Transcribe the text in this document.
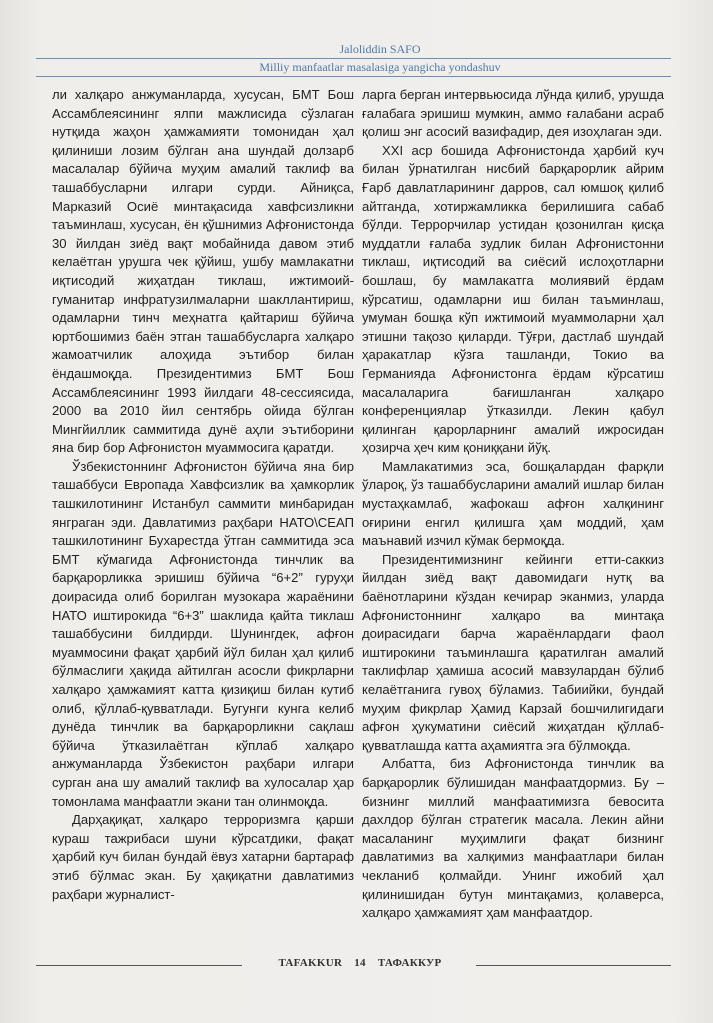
Jaloliddin SAFO
Milliy manfaatlar masalasiga yangicha yondashuv

ли халқаро анжуманларда, хусусан, БМТ Бош Ассамблеясининг ялпи мажлисида сўзлаган нутқида жаҳон ҳамжамияти томонидан ҳал қилиниши лозим бўлган ана шундай долзарб масалалар бўйича муҳим амалий таклиф ва ташаббусларни илгари сурди. Айниқса, Марказий Осиё минтақасида хавфсизликни таъминлаш, хусусан, ён қўшнимиз Афғонистонда 30 йилдан зиёд вақт мобайнида давом этиб келаётган урушга чек қўйиш, ушбу мамлакатни иқтисодий жиҳатдан тиклаш, ижтимоий-гуманитар инфратузилмаларни шакллантириш, одамларни тинч меҳнатга қайтариш бўйича юртбошимиз баён этган ташаббусларга халқаро жамоатчилик алоҳида эътибор билан ёндашмоқда. Президентимиз БМТ Бош Ассамблеясининг 1993 йилдаги 48-сессиясида, 2000 ва 2010 йил сентябрь ойида бўлган Мингйиллик саммитида дунё аҳли эътиборини яна бир бор Афғонистон муаммосига қаратди.

Ўзбекистоннинг Афғонистон бўйича яна бир ташаббуси Европада Хавфсизлик ва ҳамкорлик ташкилотининг Истанбул саммити минбаридан янграган эди. Давлатимиз раҳбари НАТО\СЕАП ташкилотининг Бухарестда ўтган саммитида эса БМТ кўмагида Афғонистонда тинчлик ва барқарорликка эришиш бўйича “6+2” гуруҳи доирасида олиб борилган музокара жараёнини НАТО иштирокида “6+3” шаклида қайта тиклаш ташаббусини билдирди. Шунингдек, афғон муаммосини фақат ҳарбий йўл билан ҳал қилиб бўлмаслиги ҳақида айтилган асосли фикрларни халқаро ҳамжамият катта қизиқиш билан кутиб олиб, қўллаб-қувватлади. Бугунги кунга келиб дунёда тинчлик ва барқарорликни сақлаш бўйича ўтказилаётган кўплаб халқаро анжуманларда Ўзбекистон раҳбари илгари сурган ана шу амалий таклиф ва хулосалар ҳар томонлама манфаатли экани тан олинмоқда.

Дарҳақиқат, халқаро терроризмга қарши кураш тажрибаси шуни кўрсатдики, фақат ҳарбий куч билан бундай ёвуз хатарни бартараф этиб бўлмас экан. Бу ҳақиқатни давлатимиз раҳбари журналист-

ларга берган интервьюсида лўнда қилиб, урушда ғалабага эришиш мумкин, аммо ғалабани асраб қолиш энг асосий вазифадир, дея изоҳлаган эди.

XXI аср бошида Афғонистонда ҳарбий куч билан ўрнатилган нисбий барқарорлик айрим Ғарб давлатларининг дарров, сал юмшоқ қилиб айтганда, хотиржамликка берилишига сабаб бўлди. Террорчилар устидан қозонилган қисқа муддатли ғалаба зудлик билан Афғонистонни тиклаш, иқтисодий ва сиёсий ислоҳотларни бошлаш, бу мамлакатга молиявий ёрдам кўрсатиш, одамларни иш билан таъминлаш, умуман бошқа кўп ижтимоий муаммоларни ҳал этишни тақозо қиларди. Тўғри, дастлаб шундай ҳаракатлар кўзга ташланди, Токио ва Германияда Афғонистонга ёрдам кўрсатиш масалаларига бағишланган халқаро конференциялар ўтказилди. Лекин қабул қилинган қарорларнинг амалий ижросидан ҳозирча ҳеч ким қониққани йўқ.

Мамлакатимиз эса, бошқалардан фарқли ўлароқ, ўз ташаббусларини амалий ишлар билан мустаҳкамлаб, жафокаш афғон халқининг оғирини енгил қилишга ҳам моддий, ҳам маънавий изчил кўмак бермоқда.

Президентимизнинг кейинги етти-саккиз йилдан зиёд вақт давомидаги нутқ ва баёнотларини кўздан кечирар эканмиз, уларда Афғонистоннинг халқаро ва минтақа доирасидаги барча жараёнлардаги фаол иштирокини таъминлашга қаратилган амалий таклифлар ҳамиша асосий мавзулардан бўлиб келаётганига гувоҳ бўламиз. Табиийки, бундай муҳим фикрлар Ҳамид Карзай бошчилигидаги афғон ҳукуматини сиёсий жиҳатдан қўллаб-қувватлашда катта аҳамиятга эга бўлмоқда.

Албатта, биз Афғонистонда тинчлик ва барқарорлик бўлишидан манфаатдормиз. Бу – бизнинг миллий манфаатимизга бевосита дахлдор бўлган стратегик масала. Лекин айни масаланинг муҳимлиги фақат бизнинг давлатимиз ва халқимиз манфаатлари билан чекланиб қолмайди. Унинг ижобий ҳал қилинишидан бутун минтақамиз, қолаверса, халқаро ҳамжамият ҳам манфаатдор.

TAFAKKUR 14 ТАФАККУР
